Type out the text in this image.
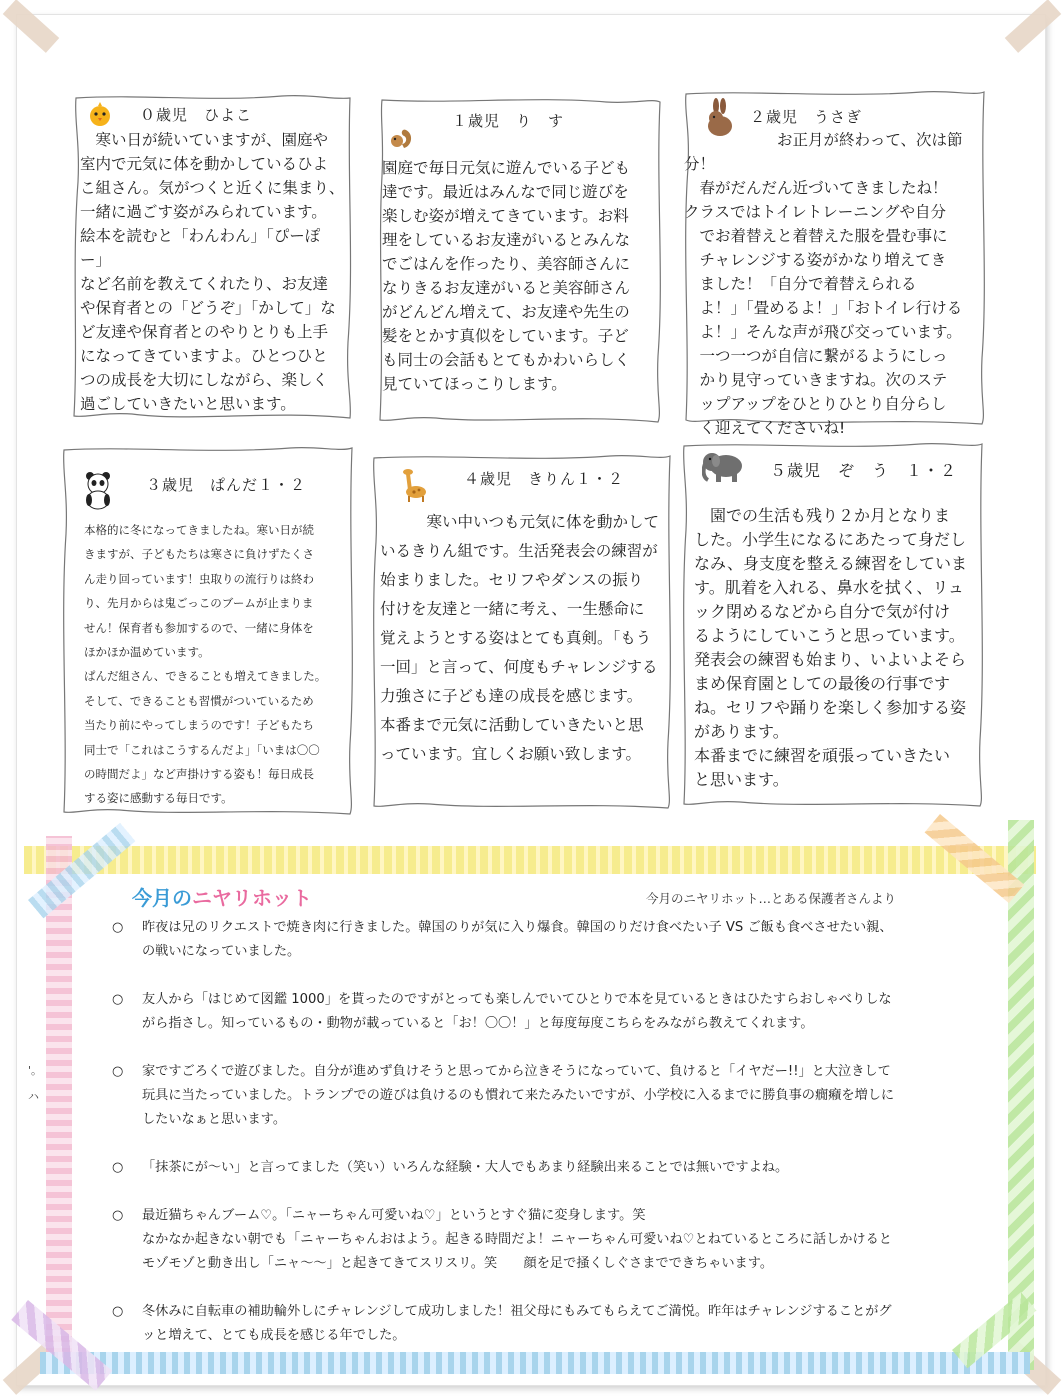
０歳児　ひよこ
　寒い日が続いていますが、園庭や
室内で元気に体を動かしているひよ
こ組さん。気がつくと近くに集まり、
一緒に過ごす姿がみられています。
絵本を読むと「わんわん」「ぴーぽー」
など名前を教えてくれたり、お友達
や保育者との「どうぞ」「かして」な
ど友達や保育者とのやりとりも上手
になってきていますよ。ひとつひと
つの成長を大切にしながら、楽しく
過ごしていきたいと思います。
１歳児　り　す
園庭で毎日元気に遊んでいる子ども
達です。最近はみんなで同じ遊びを
楽しむ姿が増えてきています。お料
理をしているお友達がいるとみんな
でごはんを作ったり、美容師さんに
なりきるお友達がいると美容師さん
がどんどん増えて、お友達や先生の
髪をとかす真似をしています。子ど
も同士の会話もとてもかわいらしく
見ていてほっこりします。
２歳児　うさぎ
　　　　　　お正月が終わって、次は節分！
　春がだんだん近づいてきましたね！
クラスではトイレトレーニングや自分
　でお着替えと着替えた服を畳む事に
　チャレンジする姿がかなり増えてき
　ました！「自分で着替えられる
　よ！」「畳めるよ！」「おトイレ行ける
　よ！」そんな声が飛び交っています。
　一つ一つが自信に繋がるようにしっ
　かり見守っていきますね。次のステ
　ップアップをひとりひとり自分らし
　く迎えてくださいね!
３歳児　ぱんだ１・２
本格的に冬になってきましたね。寒い日が続
きますが、子どもたちは寒さに負けずたくさ
ん走り回っています！虫取りの流行りは終わ
り、先月からは鬼ごっこのブームが止まりま
せん！保育者も参加するので、一緒に身体を
ほかほか温めています。
ぱんだ組さん、できることも増えてきました。
そして、できることも習慣がついているため
当たり前にやってしまうのです！子どもたち
同士で「これはこうするんだよ」「いまは〇〇
の時間だよ」など声掛けする姿も！毎日成長
する姿に感動する毎日です。
４歳児　きりん１・２
　　　寒い中いつも元気に体を動かして
いるきりん組です。生活発表会の練習が
始まりました。セリフやダンスの振り
付けを友達と一緒に考え、一生懸命に
覚えようとする姿はとても真剣。「もう
一回」と言って、何度もチャレンジする
力強さに子ども達の成長を感じます。
本番まで元気に活動していきたいと思
っています。宜しくお願い致します。
５歳児　ぞ　う　１・２
　園での生活も残り２か月となりま
した。小学生になるにあたって身だし
なみ、身支度を整える練習をしていま
す。肌着を入れる、鼻水を拭く、リュ
ック閉めるなどから自分で気が付け
るようにしていこうと思っています。
発表会の練習も始まり、いよいよそら
まめ保育園としての最後の行事です
ね。セリフや踊りを楽しく参加する姿
があります。
本番までに練習を頑張っていきたい
と思います。
今月のニヤリホット	今月のニヤリホット…とある保護者さんより
○ 昨夜は兄のリクエストで焼き肉に行きました。韓国のりが気に入り爆食。韓国のりだけ食べたい子 VS ご飯も食べさせたい親、
の戦いになっていました。
○ 友人から「はじめて図鑑 1000」を貰ったのですがとっても楽しんでいてひとりで本を見ているときはひたすらおしゃべりしな
がら指さし。知っているもの・動物が載っていると「お！〇〇！」と毎度毎度こちらをみながら教えてくれます。
○ 家ですごろくで遊びました。自分が進めず負けそうと思ってから泣きそうになっていて、負けると「イヤだー!!」と大泣きして
玩具に当たっていました。トランプでの遊びは負けるのも慣れて来たみたいですが、小学校に入るまでに勝負事の癇癪を増しに
したいなぁと思います。
○ 「抹茶にが～い」と言ってました（笑い）いろんな経験・大人でもあまり経験出来ることでは無いですよね。
○ 最近猫ちゃんブーム♡。「ニャーちゃん可愛いね♡」というとすぐ猫に変身します。笑
なかなか起きない朝でも「ニャーちゃんおはよう。起きる時間だよ！ニャーちゃん可愛いね♡とねているところに話しかけると
モゾモゾと動き出し「ニャ～～」と起きてきてスリスリ。笑　　顔を足で掻くしぐさまでできちゃいます。
○ 冬休みに自転車の補助輪外しにチャレンジして成功しました！祖父母にもみてもらえてご満悦。昨年はチャレンジすることがグ
ッと増えて、とても成長を感じる年でした。
'。
ハ
